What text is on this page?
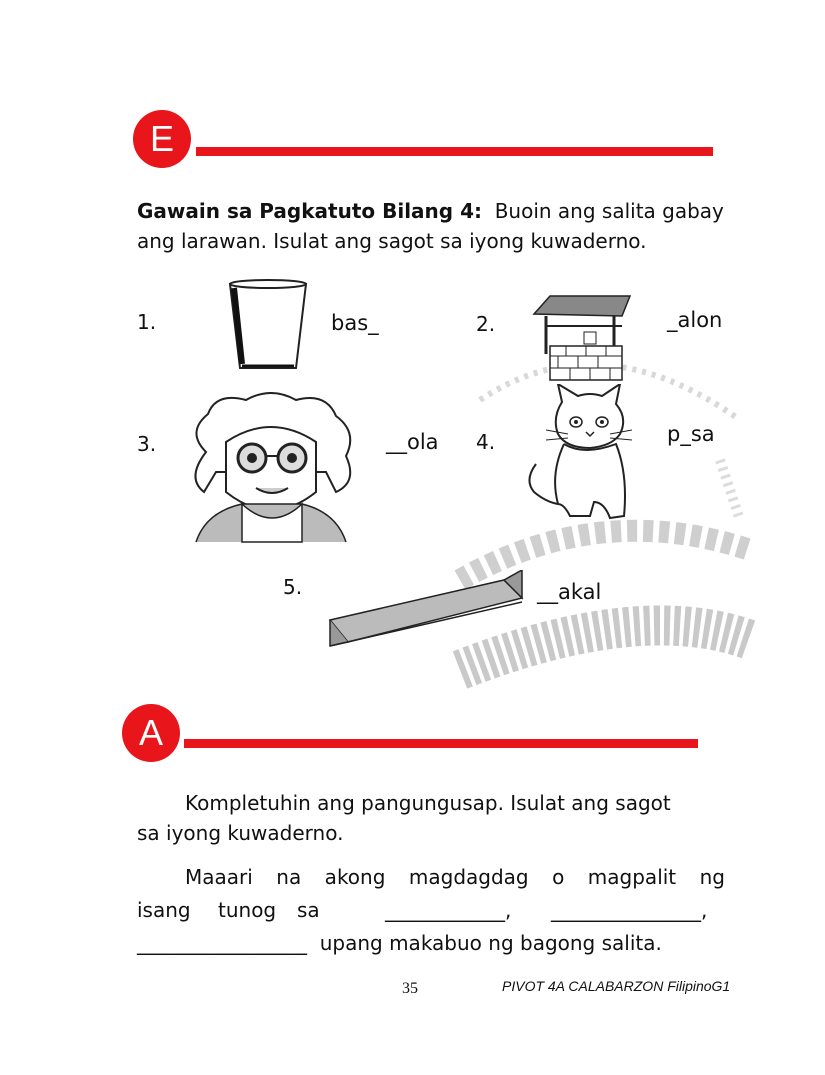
E
Gawain sa Pagkatuto Bilang 4: Buoin ang salita gabay
ang larawan. Isulat ang sagot sa iyong kuwaderno.
1.	bas_	2.	_alon
3.	__ola 4.	p_sa
5.	__akal
A
Kompletuhin ang pangungusap. Isulat ang sagot
sa iyong kuwaderno.
Maaari na akong magdagdag o magpalit ng
isang tunog sa	____________, _______________,
_________________ upang makabuo ng bagong salita.
35	PIVOT 4A CALABARZON FilipinoG1
